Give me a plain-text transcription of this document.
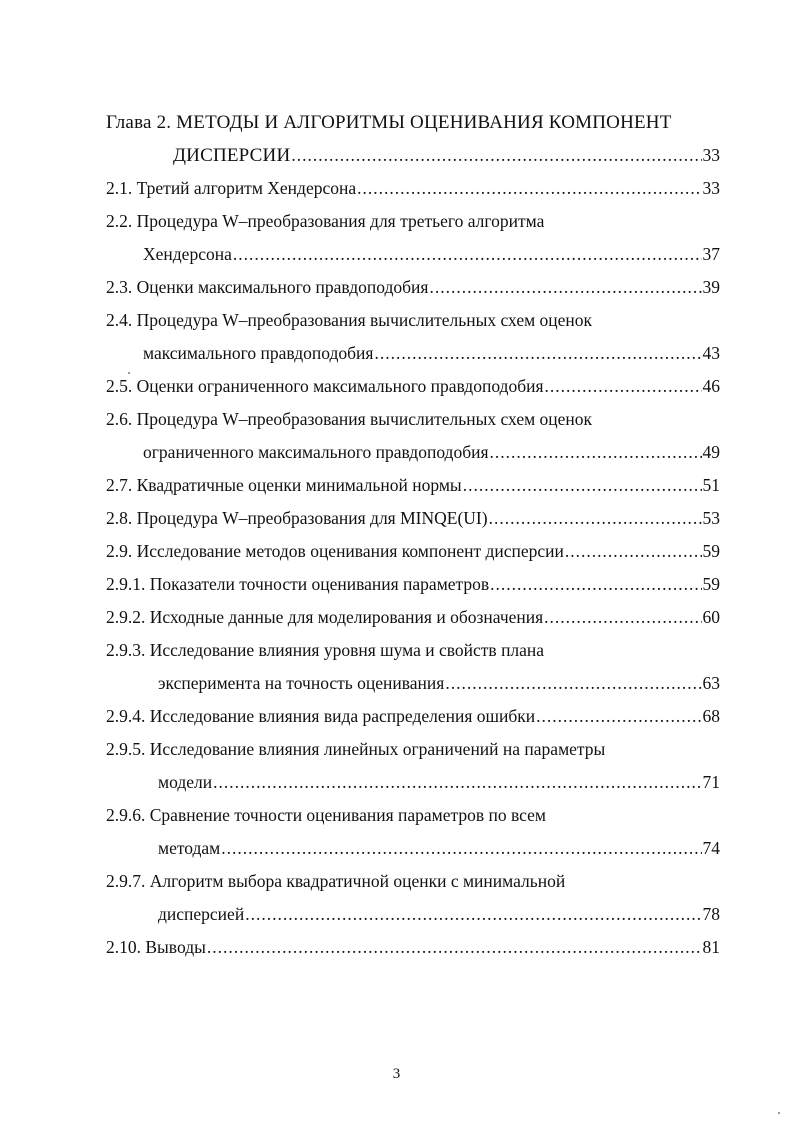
Глава 2. МЕТОДЫ И АЛГОРИТМЫ ОЦЕНИВАНИЯ КОМПОНЕНТ
ДИСПЕРСИИ .....	33
2.1. Третий алгоритм Хендерсона .....	33
2.2. Процедура W–преобразования для третьего алгоритма
Хендерсона .....	37
2.3. Оценки максимального правдоподобия .....	39
2.4. Процедура W–преобразования вычислительных схем оценок
максимального правдоподобия .....	43
2.5. Оценки ограниченного максимального правдоподобия .....	46
2.6. Процедура W–преобразования вычислительных схем оценок
ограниченного максимального правдоподобия .....	49
2.7. Квадратичные оценки минимальной нормы .....	51
2.8. Процедура W–преобразования для MINQE(UI) .....	53
2.9. Исследование методов оценивания компонент дисперсии .....	59
2.9.1. Показатели точности оценивания параметров .....	59
2.9.2. Исходные данные для моделирования и обозначения .....	60
2.9.3. Исследование влияния уровня шума и свойств плана
эксперимента на точность оценивания .....	63
2.9.4. Исследование влияния вида распределения ошибки .....	68
2.9.5. Исследование влияния линейных ограничений на параметры
модели .....	71
2.9.6. Сравнение точности оценивания параметров по всем
методам .....	74
2.9.7. Алгоритм выбора квадратичной оценки с минимальной
дисперсией .....	78
2.10. Выводы .....	81
3
